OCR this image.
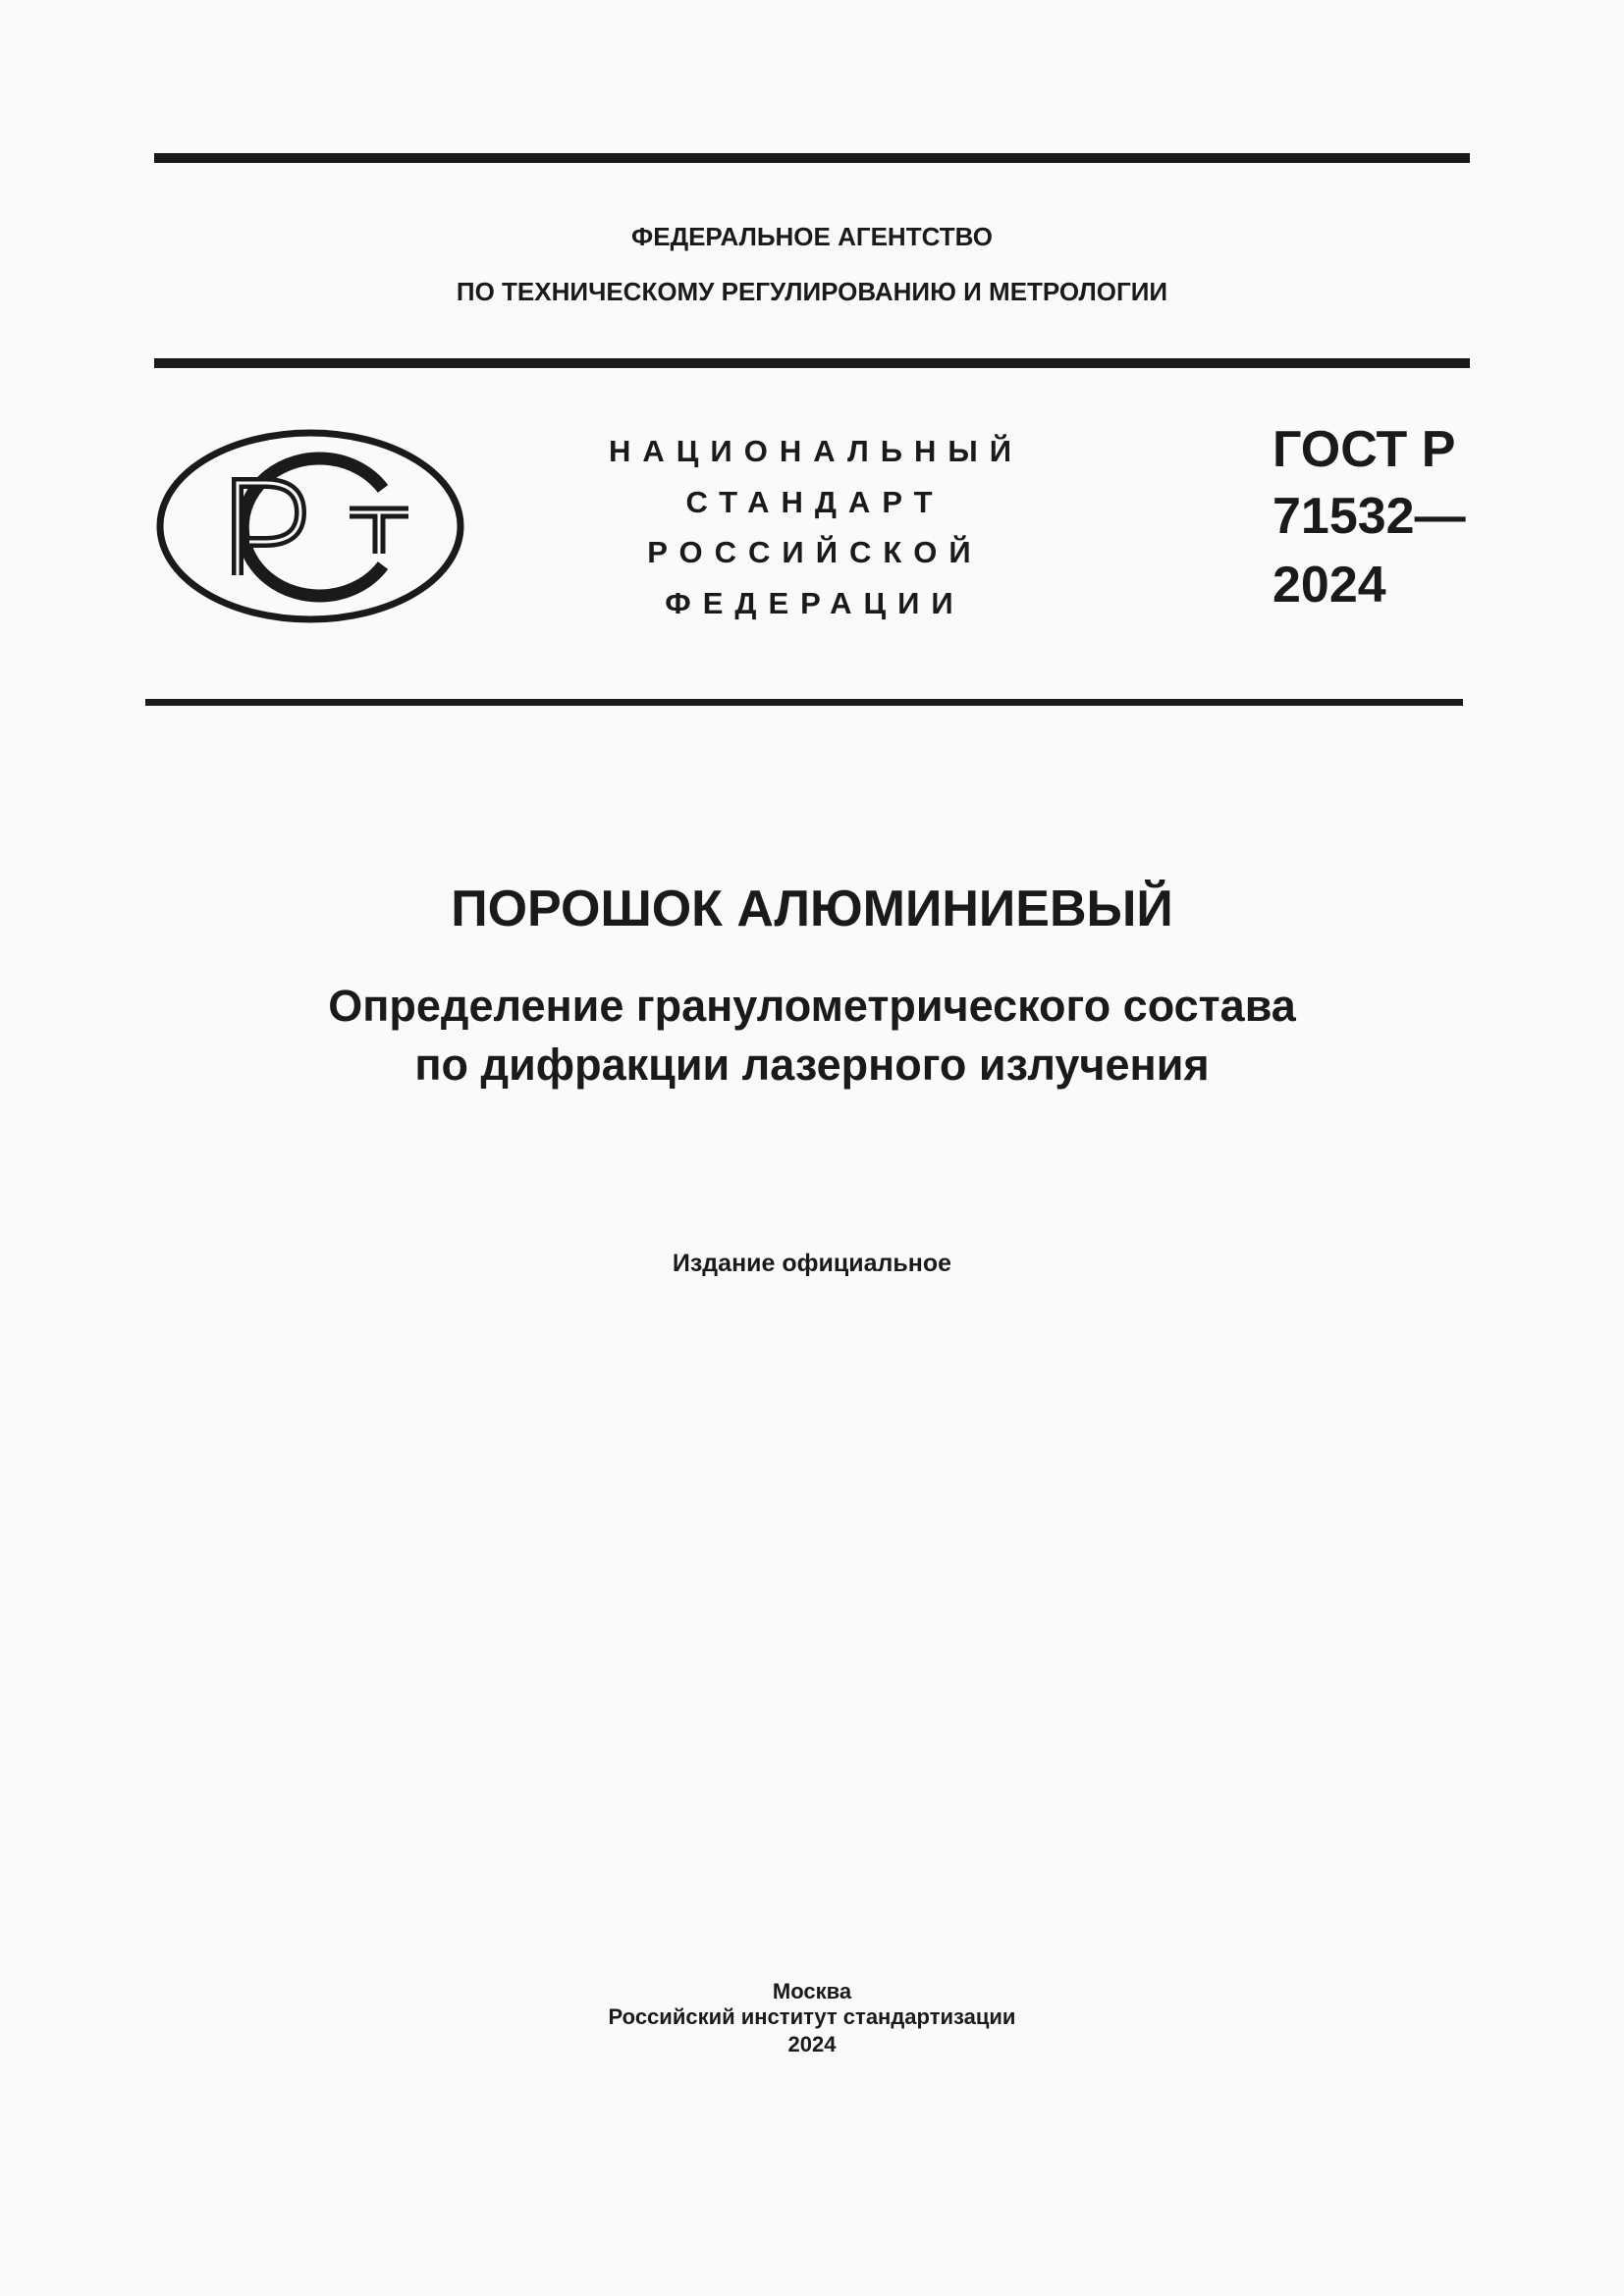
ФЕДЕРАЛЬНОЕ АГЕНТСТВО
ПО ТЕХНИЧЕСКОМУ РЕГУЛИРОВАНИЮ И МЕТРОЛОГИИ
НАЦИОНАЛЬНЫЙ
СТАНДАРТ
РОССИЙСКОЙ
ФЕДЕРАЦИИ
ГОСТ Р
71532—
2024
ПОРОШОК АЛЮМИНИЕВЫЙ
Определение гранулометрического состава
по дифракции лазерного излучения
Издание официальное
Москва
Российский институт стандартизации
2024
